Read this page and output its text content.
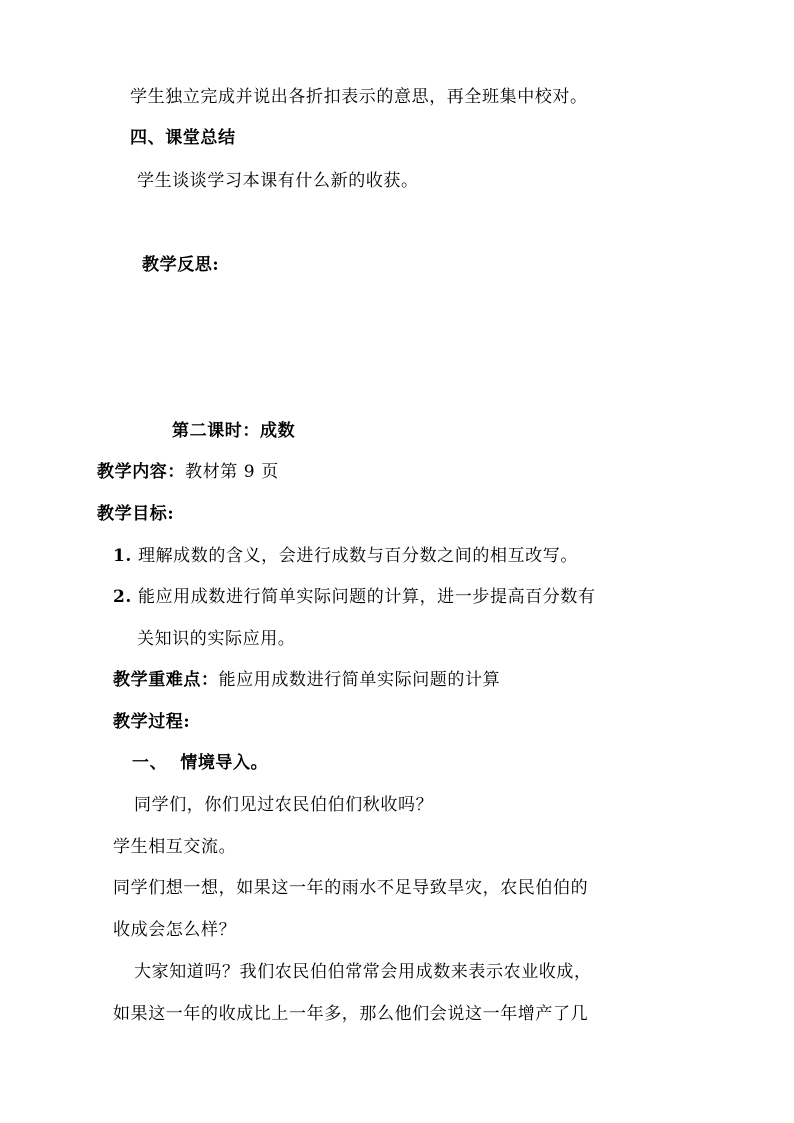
学生独立完成并说出各折扣表示的意思，再全班集中校对。
四、课堂总结
学生谈谈学习本课有什么新的收获。
教学反思:
第二课时：成数
教学内容：教材第 9 页
教学目标:
1. 理解成数的含义，会进行成数与百分数之间的相互改写。
2. 能应用成数进行简单实际问题的计算，进一步提高百分数有
关知识的实际应用。
教学重难点：能应用成数进行简单实际问题的计算
教学过程:
一、  情境导入。
同学们，你们见过农民伯伯们秋收吗？
学生相互交流。
同学们想一想，如果这一年的雨水不足导致旱灾，农民伯伯的
收成会怎么样？
大家知道吗？我们农民伯伯常常会用成数来表示农业收成，
如果这一年的收成比上一年多，那么他们会说这一年增产了几
